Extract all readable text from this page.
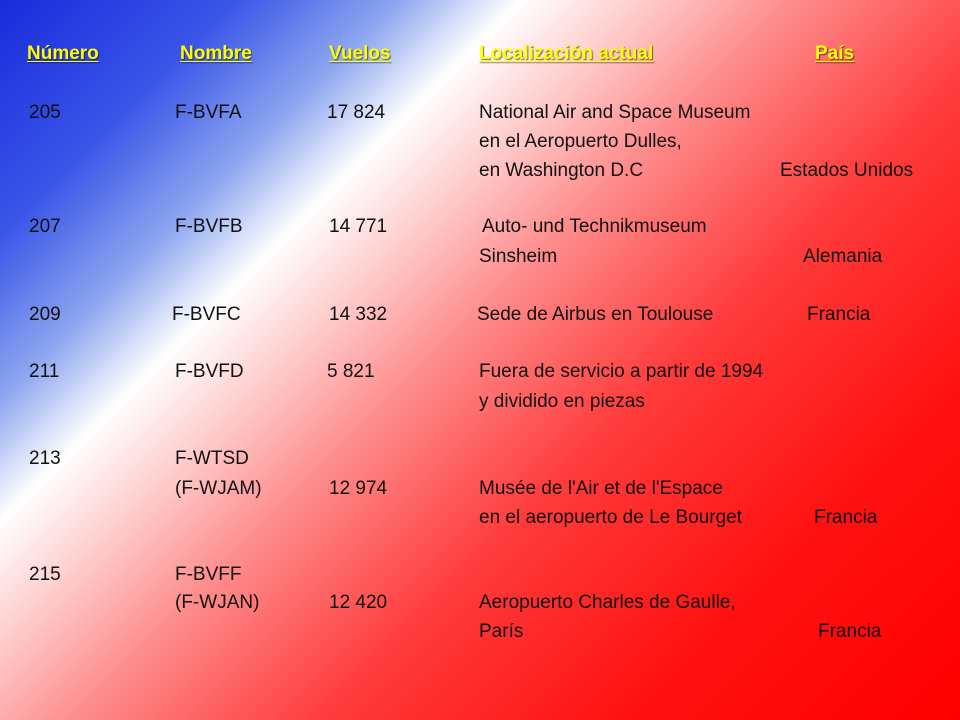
Número	Nombre	Vuelos	Localización actual	País
205	F-BVFA	17 824	National Air and Space Museum
en el Aeropuerto Dulles,
en Washington D.C	Estados Unidos
207	F-BVFB	14 771	Auto- und Technikmuseum
Sinsheim	Alemania
209	F-BVFC	14 332	Sede de Airbus en Toulouse	Francia
211	F-BVFD	5 821	Fuera de servicio a partir de 1994
y dividido en piezas
213	F-WTSD
(F-WJAM)	12 974	Musée de l'Air et de l'Espace
en el aeropuerto de Le Bourget	Francia
215	F-BVFF
(F-WJAN)	12 420	Aeropuerto Charles de Gaulle,
París	Francia
